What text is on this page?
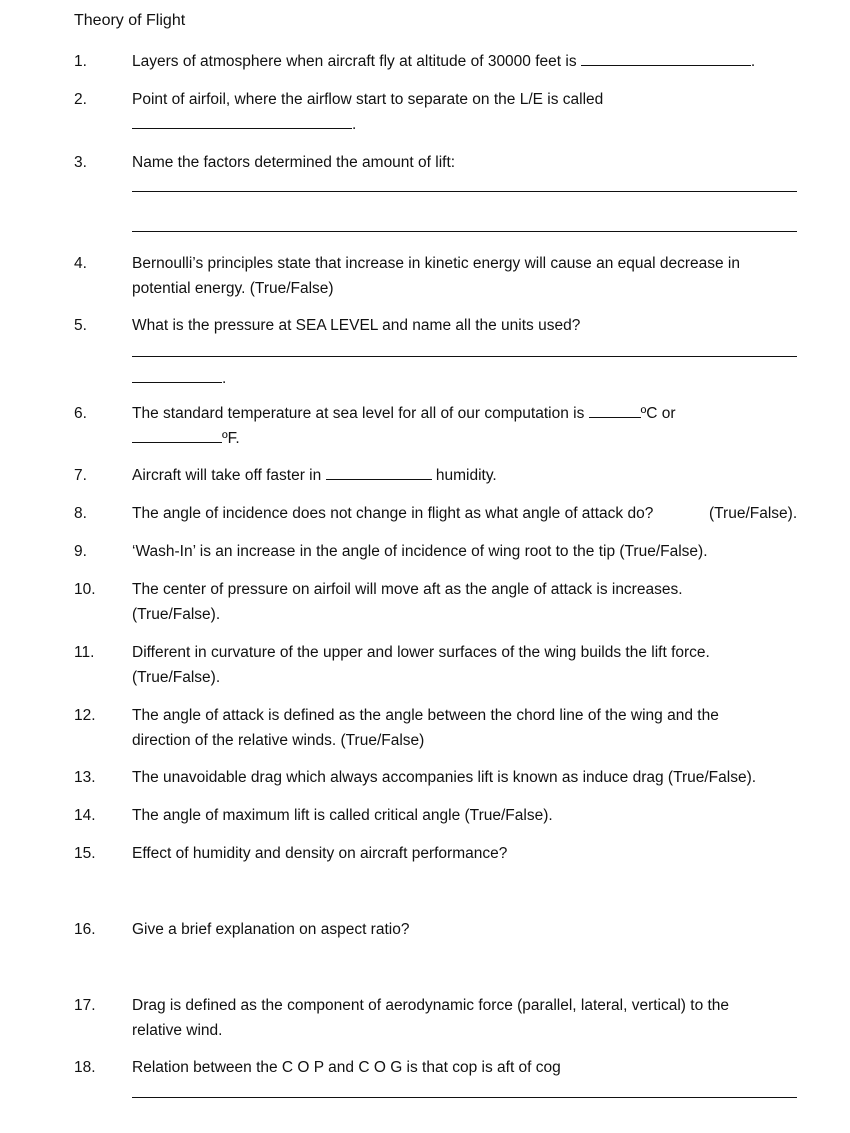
Theory of Flight
1.	Layers of atmosphere when aircraft fly at altitude of 30000 feet is	.
2.	Point of airfoil, where the airflow start to separate on the L/E is called
.
3.	Name the factors determined the amount of lift:
4.	Bernoulli’s principles state that increase in kinetic energy will cause an equal decrease in
potential energy. (True/False)
5.	What is the pressure at SEA LEVEL and name all the units used?
.
6.	The standard temperature at sea level for all of our computation is	ºC or
ºF.
7.	Aircraft will take off faster in	humidity.
8.	The angle of incidence does not change in flight as what angle of attack do?	(True/False).
9.	‘Wash-In’ is an increase in the angle of incidence of wing root to the tip (True/False).
10. The center of pressure on airfoil will move aft as the angle of attack is increases.
(True/False).
11. Different in curvature of the upper and lower surfaces of the wing builds the lift force.
(True/False).
12. The angle of attack is defined as the angle between the chord line of the wing and the
direction of the relative winds. (True/False)
13. The unavoidable drag which always accompanies lift is known as induce drag (True/False).
14. The angle of maximum lift is called critical angle (True/False).
15. Effect of humidity and density on aircraft performance?
16. Give a brief explanation on aspect ratio?
17. Drag is defined as the component of aerodynamic force (parallel, lateral, vertical) to the
relative wind.
18. Relation between the C O P and C O G is that cop is aft of cog
